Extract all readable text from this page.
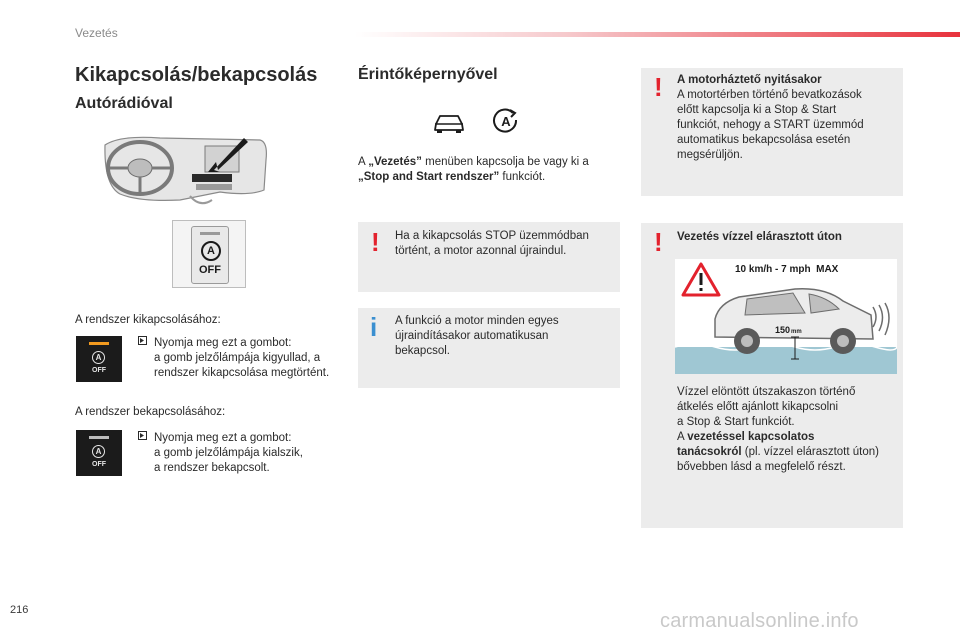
Vezetés
Kikapcsolás/bekapcsolás
Autórádióval
A
OFF
A rendszer kikapcsolásához:
A
OFF
Nyomja meg ezt a gombot:
a gomb jelzőlámpája kigyullad, a
rendszer kikapcsolása megtörtént.
A rendszer bekapcsolásához:
A
OFF
Nyomja meg ezt a gombot:
a gomb jelzőlámpája kialszik,
a rendszer bekapcsolt.
Érintőképernyővel
A
A „Vezetés” menüben kapcsolja be vagy ki a
„Stop and Start rendszer” funkciót.
! Ha a kikapcsolás STOP üzemmódban
történt, a motor azonnal újraindul.
i A funkció a motor minden egyes
újraindításakor automatikusan
bekapcsol.
! A motorháztető nyitásakor
A motortérben történő bevatkozások
előtt kapcsolja ki a Stop & Start
funkciót, nehogy a START üzemmód
automatikus bekapcsolása esetén
megsérüljön.
! Vezetés vízzel elárasztott úton
10 km/h - 7 mph  MAX
150mm
Vízzel elöntött útszakaszon történő
átkelés előtt ajánlott kikapcsolni
a Stop & Start funkciót.
A vezetéssel kapcsolatos
tanácsokról (pl. vízzel elárasztott úton)
bővebben lásd a megfelelő részt.
216	carmanualsonline.info
